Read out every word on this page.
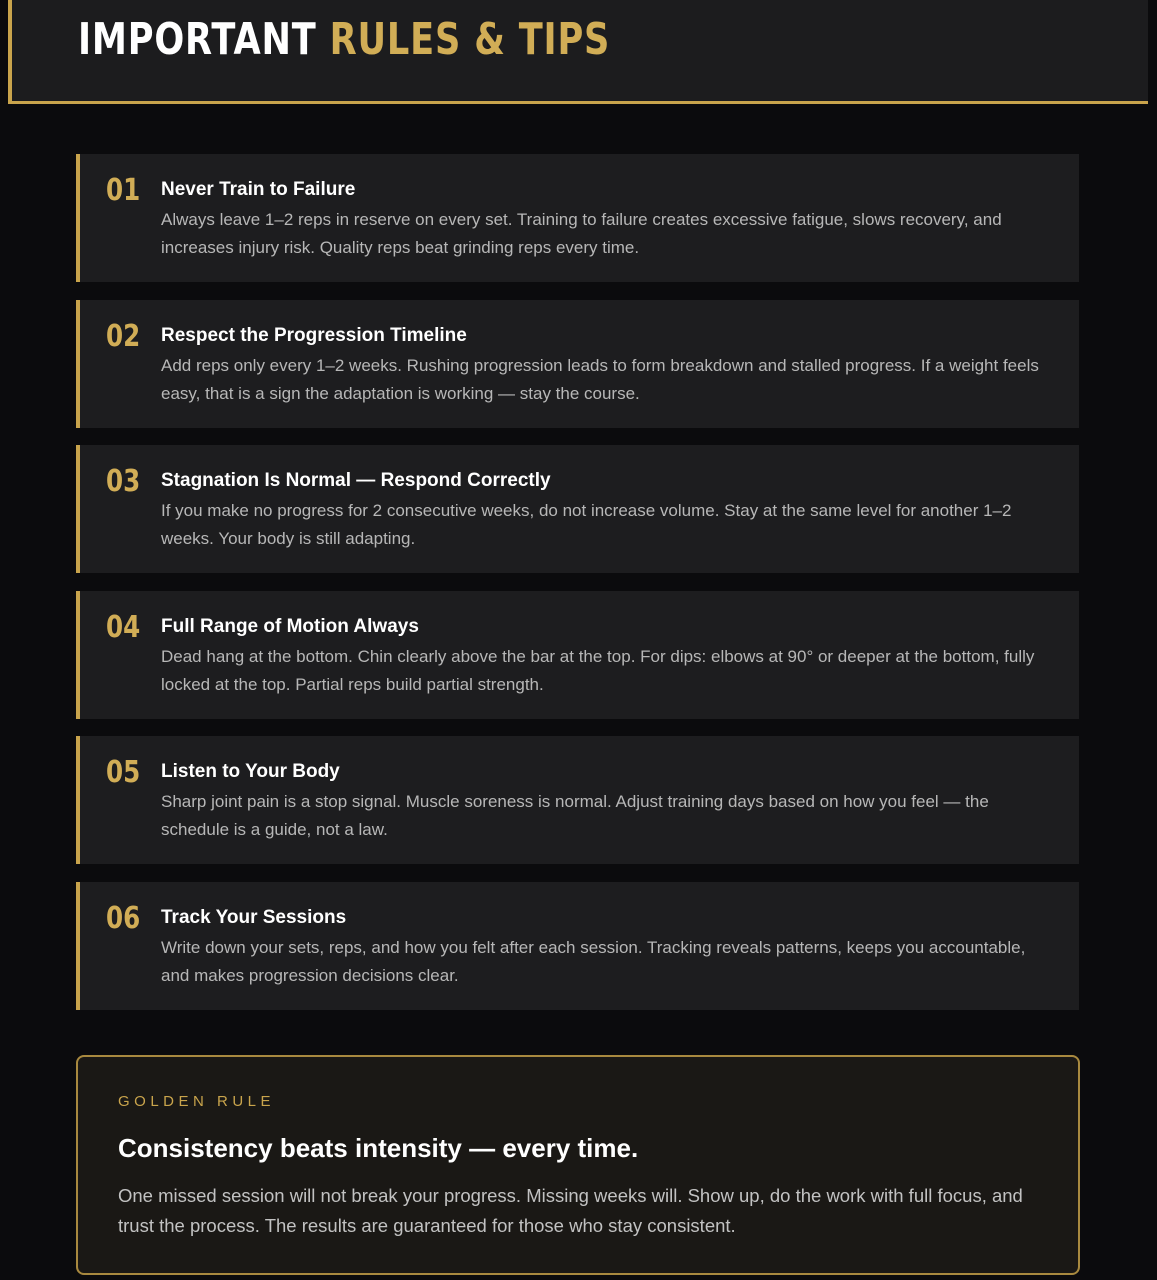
IMPORTANT RULES & TIPS
01 Never Train to Failure
Always leave 1–2 reps in reserve on every set. Training to failure creates excessive fatigue, slows recovery, and increases injury risk. Quality reps beat grinding reps every time.
02 Respect the Progression Timeline
Add reps only every 1–2 weeks. Rushing progression leads to form breakdown and stalled progress. If a weight feels easy, that is a sign the adaptation is working — stay the course.
03 Stagnation Is Normal — Respond Correctly
If you make no progress for 2 consecutive weeks, do not increase volume. Stay at the same level for another 1–2 weeks. Your body is still adapting.
04 Full Range of Motion Always
Dead hang at the bottom. Chin clearly above the bar at the top. For dips: elbows at 90° or deeper at the bottom, fully locked at the top. Partial reps build partial strength.
05 Listen to Your Body
Sharp joint pain is a stop signal. Muscle soreness is normal. Adjust training days based on how you feel — the schedule is a guide, not a law.
06 Track Your Sessions
Write down your sets, reps, and how you felt after each session. Tracking reveals patterns, keeps you accountable, and makes progression decisions clear.
GOLDEN RULE
Consistency beats intensity — every time.
One missed session will not break your progress. Missing weeks will. Show up, do the work with full focus, and trust the process. The results are guaranteed for those who stay consistent.
